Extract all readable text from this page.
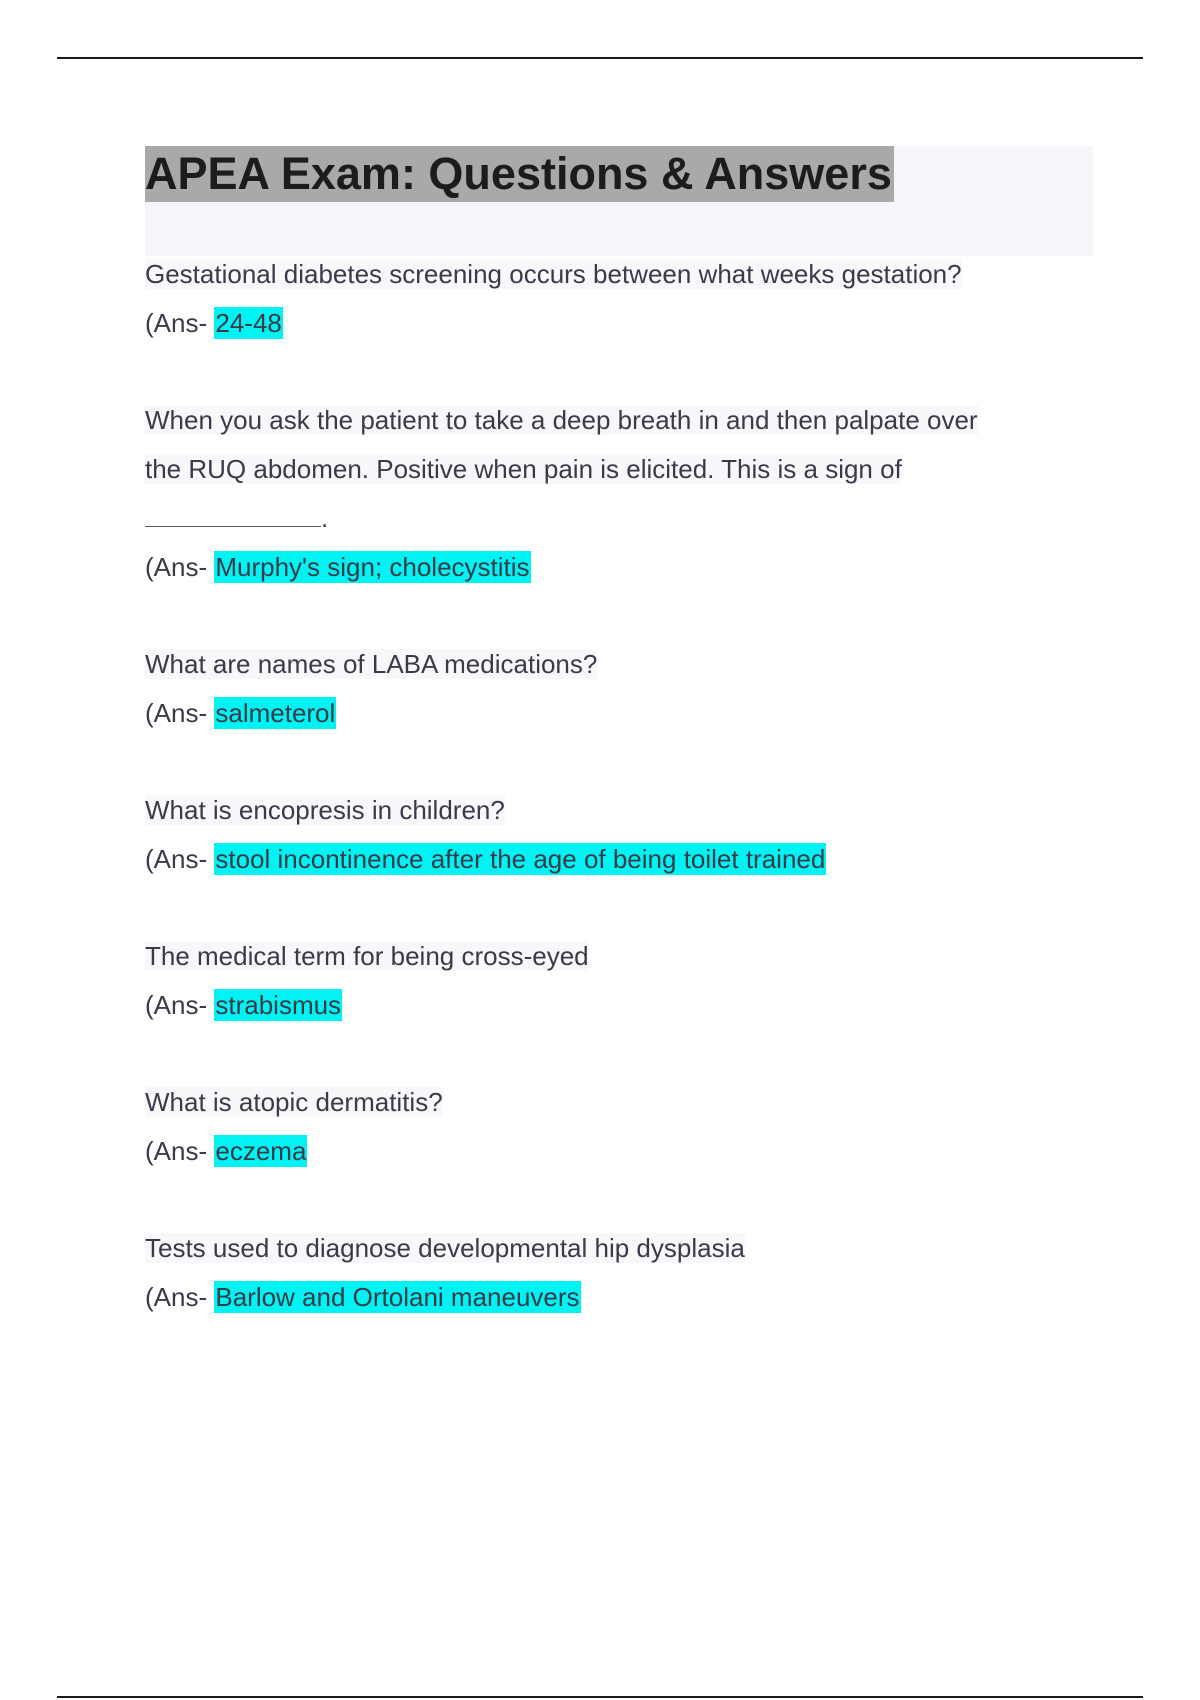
APEA Exam: Questions & Answers
Gestational diabetes screening occurs between what weeks gestation?
(Ans- 24-48
When you ask the patient to take a deep breath in and then palpate over
the RUQ abdomen. Positive when pain is elicited. This is a sign of
.
(Ans- Murphy's sign; cholecystitis
What are names of LABA medications?
(Ans- salmeterol
What is encopresis in children?
(Ans- stool incontinence after the age of being toilet trained
The medical term for being cross-eyed
(Ans- strabismus
What is atopic dermatitis?
(Ans- eczema
Tests used to diagnose developmental hip dysplasia
(Ans- Barlow and Ortolani maneuvers
